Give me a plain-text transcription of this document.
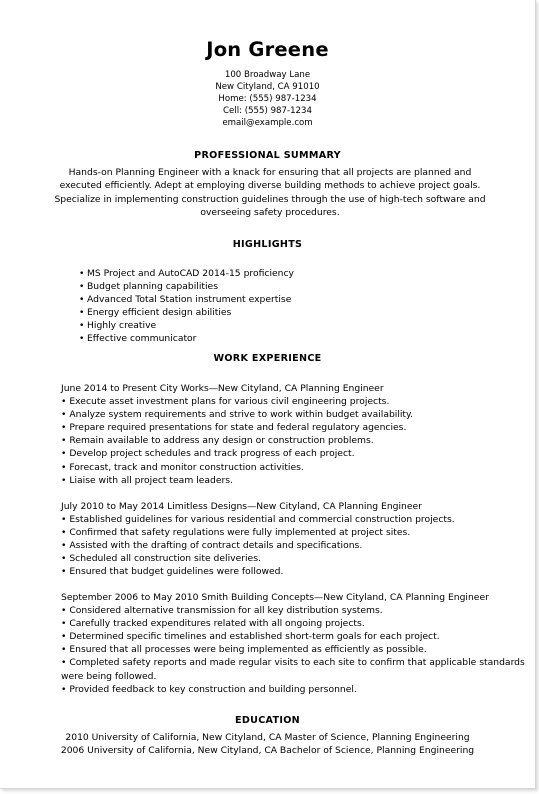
Jon Greene
100 Broadway Lane
New Cityland, CA 91010
Home: (555) 987-1234
Cell: (555) 987-1234
email@example.com
PROFESSIONAL SUMMARY
Hands-on Planning Engineer with a knack for ensuring that all projects are planned and executed efficiently. Adept at employing diverse building methods to achieve project goals. Specialize in implementing construction guidelines through the use of high-tech software and overseeing safety procedures.
HIGHLIGHTS
• MS Project and AutoCAD 2014-15 proficiency
• Budget planning capabilities
• Advanced Total Station instrument expertise
• Energy efficient design abilities
• Highly creative
• Effective communicator
WORK EXPERIENCE
June 2014 to Present City Works—New Cityland, CA Planning Engineer
• Execute asset investment plans for various civil engineering projects.
• Analyze system requirements and strive to work within budget availability.
• Prepare required presentations for state and federal regulatory agencies.
• Remain available to address any design or construction problems.
• Develop project schedules and track progress of each project.
• Forecast, track and monitor construction activities.
• Liaise with all project team leaders.
July 2010 to May 2014 Limitless Designs—New Cityland, CA Planning Engineer
• Established guidelines for various residential and commercial construction projects.
• Confirmed that safety regulations were fully implemented at project sites.
• Assisted with the drafting of contract details and specifications.
• Scheduled all construction site deliveries.
• Ensured that budget guidelines were followed.
September 2006 to May 2010 Smith Building Concepts—New Cityland, CA Planning Engineer
• Considered alternative transmission for all key distribution systems.
• Carefully tracked expenditures related with all ongoing projects.
• Determined specific timelines and established short-term goals for each project.
• Ensured that all processes were being implemented as efficiently as possible.
• Completed safety reports and made regular visits to each site to confirm that applicable standards were being followed.
• Provided feedback to key construction and building personnel.
EDUCATION
2010 University of California, New Cityland, CA Master of Science, Planning Engineering
2006 University of California, New Cityland, CA Bachelor of Science, Planning Engineering
